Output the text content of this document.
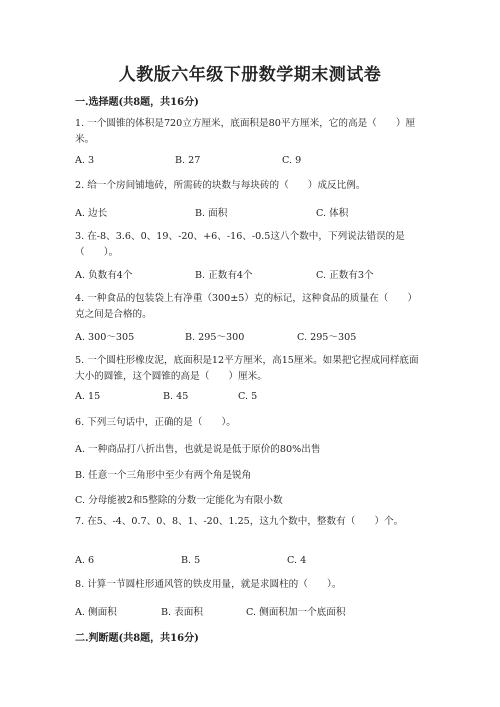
人教版六年级下册数学期末测试卷
一.选择题(共8题，共16分)
1. 一个圆锥的体积是720立方厘米，底面积是80平方厘米，它的高是（　　）厘米。
A. 3	B. 27	C. 9
2. 给一个房间铺地砖，所需砖的块数与每块砖的（　　）成反比例。
A. 边长	B. 面积	C. 体积
3. 在-8、3.6、0、19、-20、+6、-16、-0.5这八个数中，下列说法错误的是（　　）。
A. 负数有4个	B. 正数有4个	C. 正数有3个
4. 一种食品的包装袋上有净重（300±5）克的标记，这种食品的质量在（　　）克之间是合格的。
A. 300～305	B. 295～300	C. 295～305
5. 一个圆柱形橡皮泥，底面积是12平方厘米，高15厘米。如果把它捏成同样底面大小的圆锥，这个圆锥的高是（　　）厘米。
A. 15	B. 45	C. 5
6. 下列三句话中，正确的是（　　）。
A. 一种商品打八折出售，也就是说是低于原价的80%出售
B. 任意一个三角形中至少有两个角是锐角
C. 分母能被2和5整除的分数一定能化为有限小数
7. 在5、-4、0.7、0、8、1、-20、1.25，这九个数中，整数有（　　）个。
A. 6	B. 5	C. 4
8. 计算一节圆柱形通风管的铁皮用量，就是求圆柱的（　　）。
A. 侧面积	B. 表面积	C. 侧面积加一个底面积
二.判断题(共8题，共16分)
